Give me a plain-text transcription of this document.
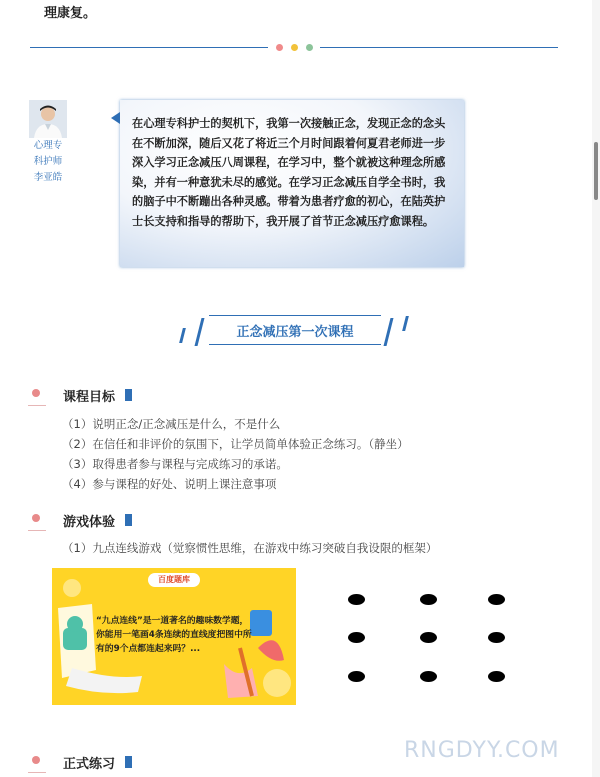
理康复。
心理专
科护师
李亚皓
在心理专科护士的契机下，我第一次接触正念，发现正念的念头在不断加深，随后又花了将近三个月时间跟着何夏君老师进一步深入学习正念减压八周课程，在学习中，整个就被这种理念所感染，并有一种意犹未尽的感觉。在学习正念减压自学全书时，我的脑子中不断蹦出各种灵感。带着为患者疗愈的初心，在陆英护士长支持和指导的帮助下，我开展了首节正念减压疗愈课程。
正念减压第一次课程
课程目标
（1）说明正念/正念减压是什么，不是什么
（2）在信任和非评价的氛围下，让学员简单体验正念练习。（静坐）
（3）取得患者参与课程与完成练习的承诺。
（4）参与课程的好处、说明上课注意事项
游戏体验
（1）九点连线游戏（觉察惯性思维，在游戏中练习突破自我设限的框架）
百度题库
“九点连线”是一道著名的趣味数学题，你能用一笔画4条连续的直线度把图中所有的9个点都连起来吗？...
正式练习
RNGDYY.COM
